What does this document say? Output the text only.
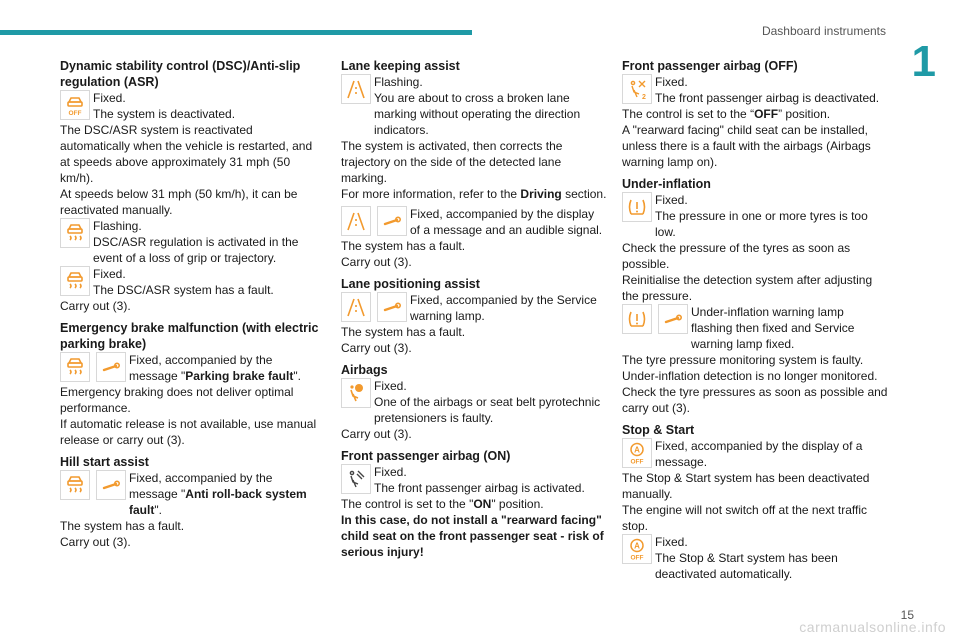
Dashboard instruments
1
Dynamic stability control (DSC)/Anti-slip regulation (ASR)
OFF

Fixed.

The system is deactivated.

The DSC/ASR system is reactivated automatically when the vehicle is restarted, and at speeds above approximately 31 mph (50 km/h).

At speeds below 31 mph (50 km/h), it can be reactivated manually.

Flashing.

DSC/ASR regulation is activated in the event of a loss of grip or trajectory.

Fixed.

The DSC/ASR system has a fault.

Carry out (3).

Emergency brake malfunction (with electric parking brake)

Fixed, accompanied by the message "Parking brake fault".

Emergency braking does not deliver optimal performance.

If automatic release is not available, use manual release or carry out (3).

Hill start assist

Fixed, accompanied by the message "Anti roll-back system fault".

The system has a fault.

Carry out (3).

Lane keeping assist

Flashing.

You are about to cross a broken lane marking without operating the direction indicators.

The system is activated, then corrects the trajectory on the side of the detected lane marking.

For more information, refer to the Driving section.

Fixed, accompanied by the display of a message and an audible signal.

The system has a fault.

Carry out (3).

Lane positioning assist

Fixed, accompanied by the Service warning lamp.

The system has a fault.

Carry out (3).

Airbags

Fixed.

One of the airbags or seat belt pyrotechnic pretensioners is faulty.

Carry out (3).

Front passenger airbag (ON)

Fixed.

The front passenger airbag is activated.

The control is set to the "ON" position.

In this case, do not install a "rearward facing" child seat on the front passenger seat - risk of serious injury!

Front passenger airbag (OFF)
2

Fixed.

The front passenger airbag is deactivated.

The control is set to the “OFF” position.

A "rearward facing" child seat can be installed, unless there is a fault with the airbags (Airbags warning lamp on).

Under-inflation

Fixed.

The pressure in one or more tyres is too low.

Check the pressure of the tyres as soon as possible.

Reinitialise the detection system after adjusting the pressure.

Under-inflation warning lamp flashing then fixed and Service warning lamp fixed.

The tyre pressure monitoring system is faulty.

Under-inflation detection is no longer monitored.

Check the tyre pressures as soon as possible and carry out (3).

Stop & Start
A
OFF

Fixed, accompanied by the display of a message.

The Stop & Start system has been deactivated manually.

The engine will not switch off at the next traffic stop.

A
OFF

Fixed.

The Stop & Start system has been deactivated automatically.

15
carmanualsonline.info
